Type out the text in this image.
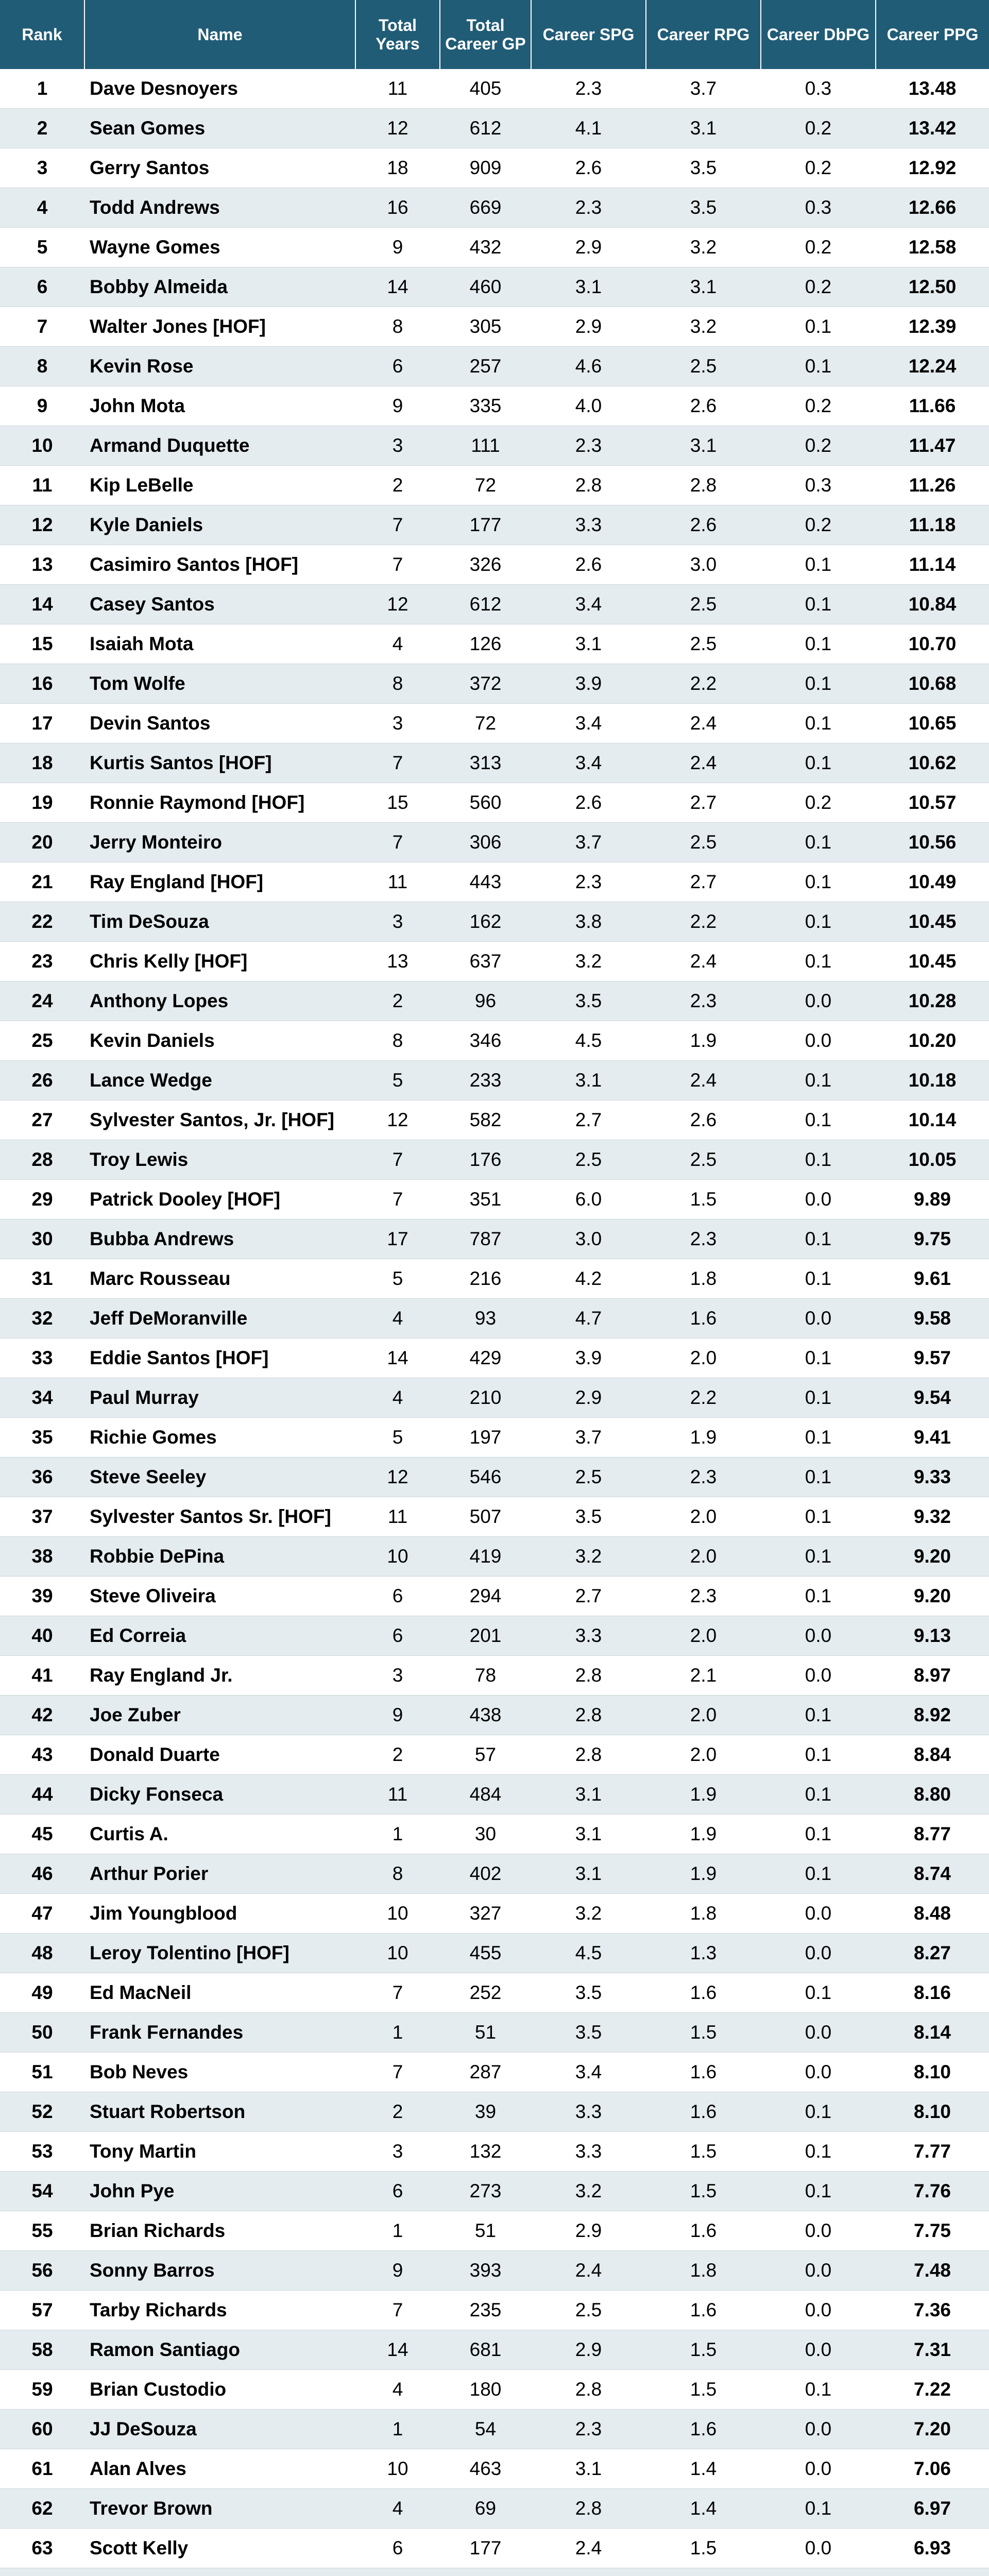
Rank	Name	Total Years	Total Career GP	Career SPG	Career RPG	Career DbPG	Career PPG
1	Dave Desnoyers	11	405	2.3	3.7	0.3	13.48
2	Sean Gomes	12	612	4.1	3.1	0.2	13.42
3	Gerry Santos	18	909	2.6	3.5	0.2	12.92
4	Todd Andrews	16	669	2.3	3.5	0.3	12.66
5	Wayne Gomes	9	432	2.9	3.2	0.2	12.58
6	Bobby Almeida	14	460	3.1	3.1	0.2	12.50
7	Walter Jones [HOF]	8	305	2.9	3.2	0.1	12.39
8	Kevin Rose	6	257	4.6	2.5	0.1	12.24
9	John Mota	9	335	4.0	2.6	0.2	11.66
10	Armand Duquette	3	111	2.3	3.1	0.2	11.47
11	Kip LeBelle	2	72	2.8	2.8	0.3	11.26
12	Kyle Daniels	7	177	3.3	2.6	0.2	11.18
13	Casimiro Santos [HOF]	7	326	2.6	3.0	0.1	11.14
14	Casey Santos	12	612	3.4	2.5	0.1	10.84
15	Isaiah Mota	4	126	3.1	2.5	0.1	10.70
16	Tom Wolfe	8	372	3.9	2.2	0.1	10.68
17	Devin Santos	3	72	3.4	2.4	0.1	10.65
18	Kurtis Santos [HOF]	7	313	3.4	2.4	0.1	10.62
19	Ronnie Raymond [HOF]	15	560	2.6	2.7	0.2	10.57
20	Jerry Monteiro	7	306	3.7	2.5	0.1	10.56
21	Ray England [HOF]	11	443	2.3	2.7	0.1	10.49
22	Tim DeSouza	3	162	3.8	2.2	0.1	10.45
23	Chris Kelly [HOF]	13	637	3.2	2.4	0.1	10.45
24	Anthony Lopes	2	96	3.5	2.3	0.0	10.28
25	Kevin Daniels	8	346	4.5	1.9	0.0	10.20
26	Lance Wedge	5	233	3.1	2.4	0.1	10.18
27	Sylvester Santos, Jr. [HOF]	12	582	2.7	2.6	0.1	10.14
28	Troy Lewis	7	176	2.5	2.5	0.1	10.05
29	Patrick Dooley [HOF]	7	351	6.0	1.5	0.0	9.89
30	Bubba Andrews	17	787	3.0	2.3	0.1	9.75
31	Marc Rousseau	5	216	4.2	1.8	0.1	9.61
32	Jeff DeMoranville	4	93	4.7	1.6	0.0	9.58
33	Eddie Santos [HOF]	14	429	3.9	2.0	0.1	9.57
34	Paul Murray	4	210	2.9	2.2	0.1	9.54
35	Richie Gomes	5	197	3.7	1.9	0.1	9.41
36	Steve Seeley	12	546	2.5	2.3	0.1	9.33
37	Sylvester Santos Sr. [HOF]	11	507	3.5	2.0	0.1	9.32
38	Robbie DePina	10	419	3.2	2.0	0.1	9.20
39	Steve Oliveira	6	294	2.7	2.3	0.1	9.20
40	Ed Correia	6	201	3.3	2.0	0.0	9.13
41	Ray England Jr.	3	78	2.8	2.1	0.0	8.97
42	Joe Zuber	9	438	2.8	2.0	0.1	8.92
43	Donald Duarte	2	57	2.8	2.0	0.1	8.84
44	Dicky Fonseca	11	484	3.1	1.9	0.1	8.80
45	Curtis A.	1	30	3.1	1.9	0.1	8.77
46	Arthur Porier	8	402	3.1	1.9	0.1	8.74
47	Jim Youngblood	10	327	3.2	1.8	0.0	8.48
48	Leroy Tolentino [HOF]	10	455	4.5	1.3	0.0	8.27
49	Ed MacNeil	7	252	3.5	1.6	0.1	8.16
50	Frank Fernandes	1	51	3.5	1.5	0.0	8.14
51	Bob Neves	7	287	3.4	1.6	0.0	8.10
52	Stuart Robertson	2	39	3.3	1.6	0.1	8.10
53	Tony Martin	3	132	3.3	1.5	0.1	7.77
54	John Pye	6	273	3.2	1.5	0.1	7.76
55	Brian Richards	1	51	2.9	1.6	0.0	7.75
56	Sonny Barros	9	393	2.4	1.8	0.0	7.48
57	Tarby Richards	7	235	2.5	1.6	0.0	7.36
58	Ramon Santiago	14	681	2.9	1.5	0.0	7.31
59	Brian Custodio	4	180	2.8	1.5	0.1	7.22
60	JJ DeSouza	1	54	2.3	1.6	0.0	7.20
61	Alan Alves	10	463	3.1	1.4	0.0	7.06
62	Trevor Brown	4	69	2.8	1.4	0.1	6.97
63	Scott Kelly	6	177	2.4	1.5	0.0	6.93
